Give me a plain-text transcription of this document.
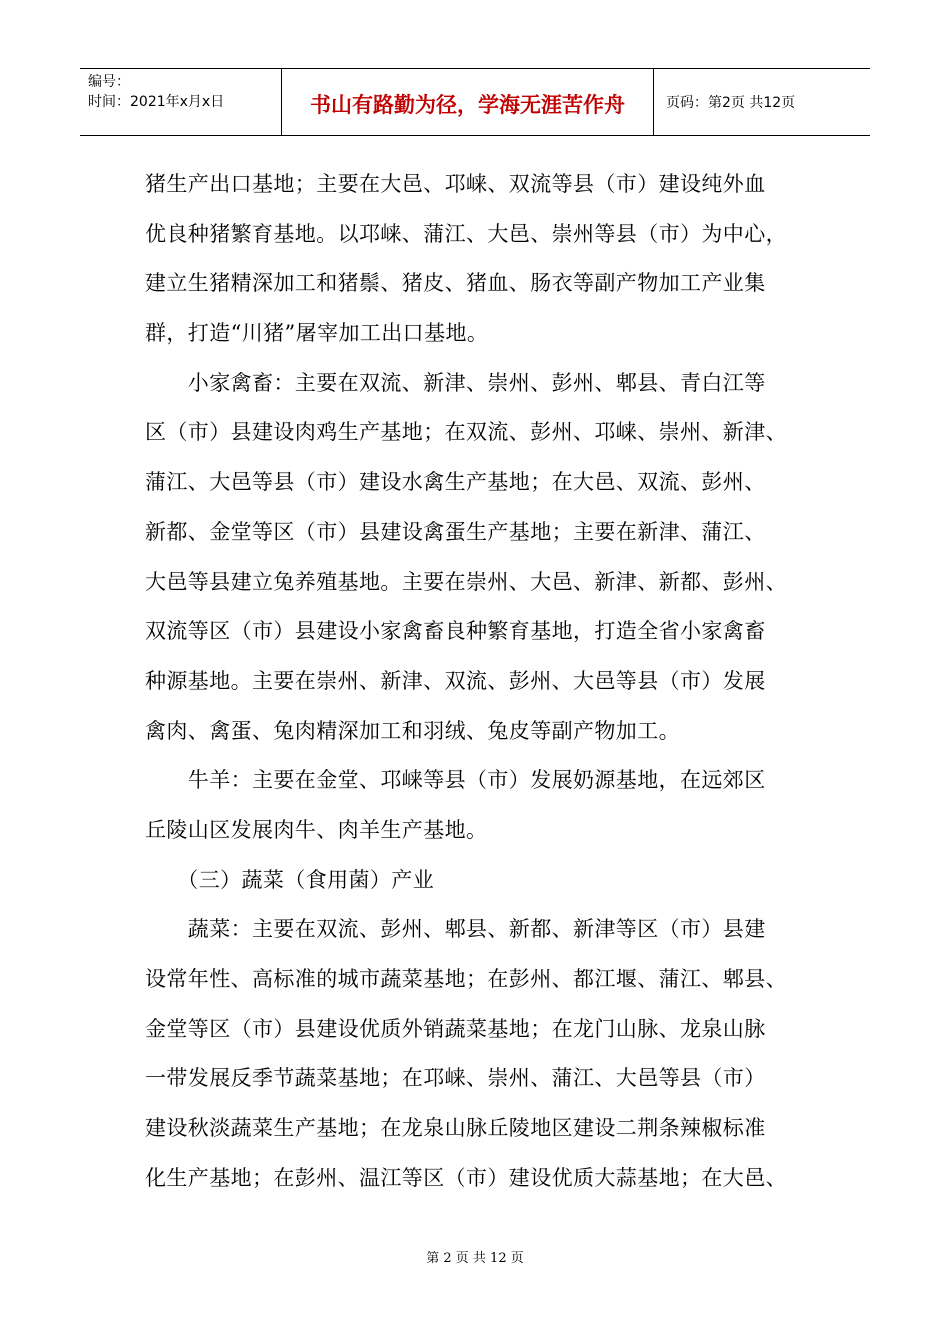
编号：
时间：2021年x月x日	书山有路勤为径，学海无涯苦作舟	页码：第2页 共12页
猪生产出口基地；主要在大邑、邛崃、双流等县（市）建设纯外血
优良种猪繁育基地。以邛崃、蒲江、大邑、崇州等县（市）为中心，
建立生猪精深加工和猪鬃、猪皮、猪血、肠衣等副产物加工产业集
群，打造“川猪”屠宰加工出口基地。
　　小家禽畜：主要在双流、新津、崇州、彭州、郫县、青白江等
区（市）县建设肉鸡生产基地；在双流、彭州、邛崃、崇州、新津、
蒲江、大邑等县（市）建设水禽生产基地；在大邑、双流、彭州、
新都、金堂等区（市）县建设禽蛋生产基地；主要在新津、蒲江、
大邑等县建立兔养殖基地。主要在崇州、大邑、新津、新都、彭州、
双流等区（市）县建设小家禽畜良种繁育基地，打造全省小家禽畜
种源基地。主要在崇州、新津、双流、彭州、大邑等县（市）发展
禽肉、禽蛋、兔肉精深加工和羽绒、兔皮等副产物加工。
　　牛羊：主要在金堂、邛崃等县（市）发展奶源基地，在远郊区
丘陵山区发展肉牛、肉羊生产基地。
　　（三）蔬菜（食用菌）产业
　　蔬菜：主要在双流、彭州、郫县、新都、新津等区（市）县建
设常年性、高标准的城市蔬菜基地；在彭州、都江堰、蒲江、郫县、
金堂等区（市）县建设优质外销蔬菜基地；在龙门山脉、龙泉山脉
一带发展反季节蔬菜基地；在邛崃、崇州、蒲江、大邑等县（市）
建设秋淡蔬菜生产基地；在龙泉山脉丘陵地区建设二荆条辣椒标准
化生产基地；在彭州、温江等区（市）建设优质大蒜基地；在大邑、
第 2 页 共 12 页
